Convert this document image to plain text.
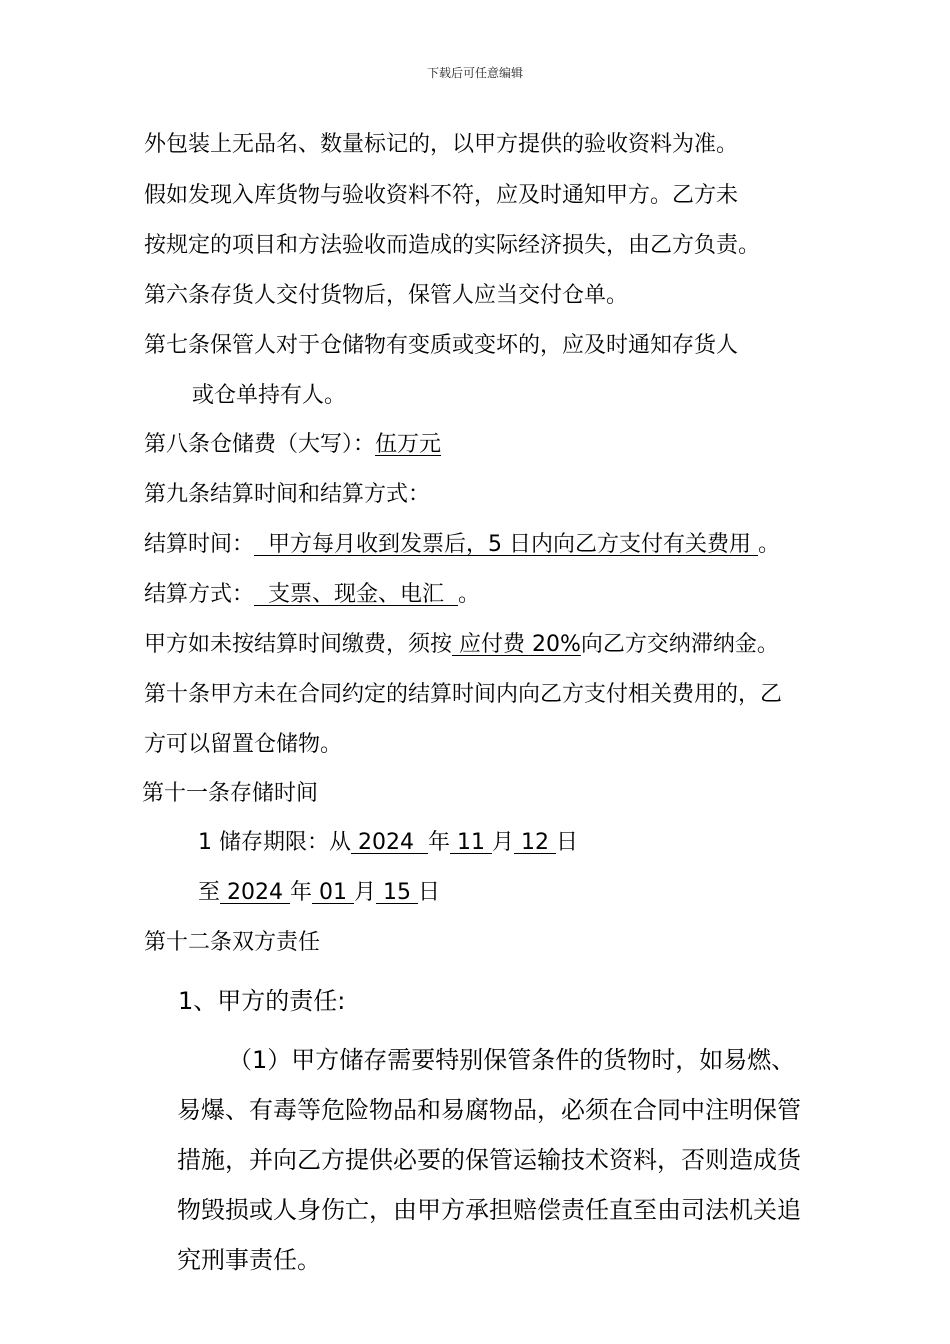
下载后可任意编辑
外包装上无品名、数量标记的，以甲方提供的验收资料为准。
假如发现入库货物与验收资料不符，应及时通知甲方。乙方未
按规定的项目和方法验收而造成的实际经济损失，由乙方负责。
第六条存货人交付货物后，保管人应当交付仓单。
第七条保管人对于仓储物有变质或变坏的，应及时通知存货人
或仓单持有人。
第八条仓储费（大写）：伍万元
第九条结算时间和结算方式：
结算时间：  甲方每月收到发票后，5 日内向乙方支付有关费用 。
结算方式：  支票、现金、电汇  。
甲方如未按结算时间缴费，须按 应付费 20%向乙方交纳滞纳金。
第十条甲方未在合同约定的结算时间内向乙方支付相关费用的，乙
方可以留置仓储物。
第十一条存储时间
1 储存期限：从 2024  年 11 月 12 日
至 2024 年 01 月 15 日
第十二条双方责任
1、甲方的责任:
（1）甲方储存需要特别保管条件的货物时，如易燃、
易爆、有毒等危险物品和易腐物品，必须在合同中注明保管
措施，并向乙方提供必要的保管运输技术资料，否则造成货
物毁损或人身伤亡，由甲方承担赔偿责任直至由司法机关追
究刑事责任。
